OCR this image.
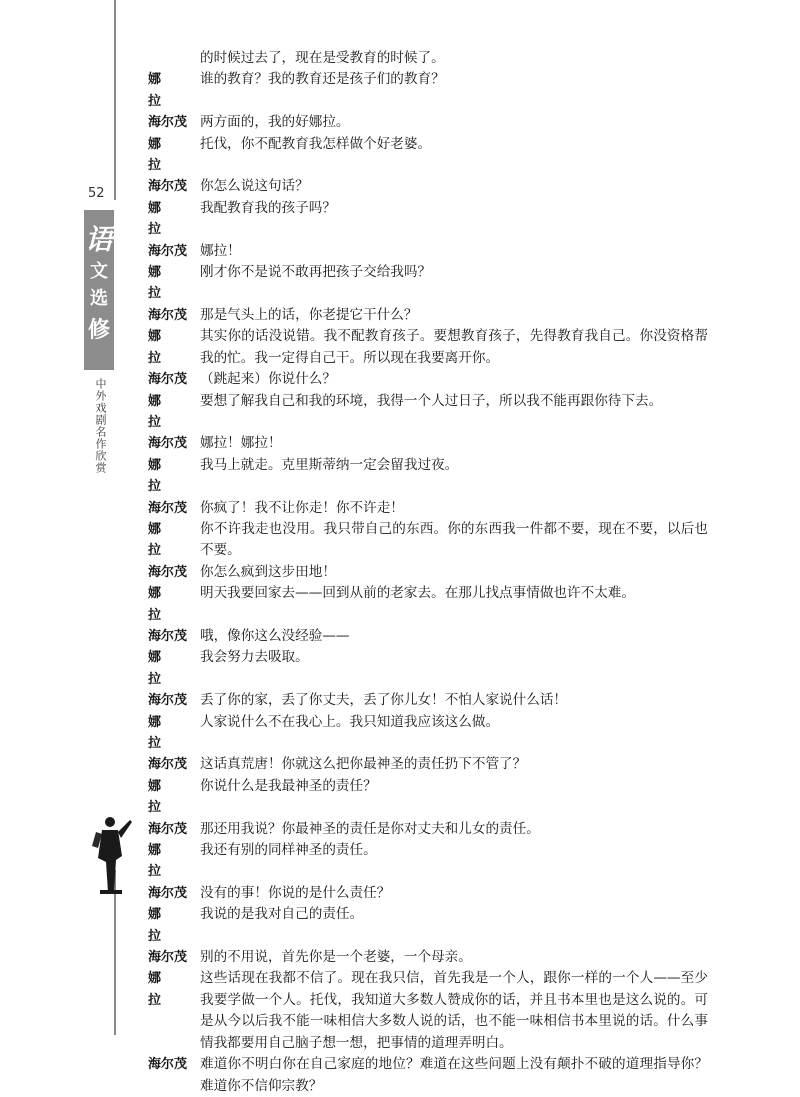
52
语
文
选
修
中外戏剧名作欣赏
的时候过去了，现在是受教育的时候了。
娜拉
谁的教育？我的教育还是孩子们的教育？
海尔茂 两方面的，我的好娜拉。
娜拉
托伐，你不配教育我怎样做个好老婆。
海尔茂 你怎么说这句话？
娜拉
我配教育我的孩子吗？
海尔茂 娜拉！
娜拉
刚才你不是说不敢再把孩子交给我吗？
海尔茂 那是气头上的话，你老提它干什么？
娜拉
其实你的话没说错。我不配教育孩子。要想教育孩子，先得教育我自己。你没资格帮我的忙。我一定得自己干。所以现在我要离开你。
海尔茂 （跳起来）你说什么？
娜拉
要想了解我自己和我的环境，我得一个人过日子，所以我不能再跟你待下去。
海尔茂 娜拉！娜拉！
娜拉
我马上就走。克里斯蒂纳一定会留我过夜。
海尔茂 你疯了！我不让你走！你不许走！
娜拉
你不许我走也没用。我只带自己的东西。你的东西我一件都不要，现在不要，以后也不要。
海尔茂 你怎么疯到这步田地！
娜拉
明天我要回家去——回到从前的老家去。在那儿找点事情做也许不太难。
海尔茂 哦，像你这么没经验——
娜拉
我会努力去吸取。
海尔茂 丢了你的家，丢了你丈夫，丢了你儿女！不怕人家说什么话！
娜拉
人家说什么不在我心上。我只知道我应该这么做。
海尔茂 这话真荒唐！你就这么把你最神圣的责任扔下不管了？
娜拉
你说什么是我最神圣的责任？
海尔茂 那还用我说？你最神圣的责任是你对丈夫和儿女的责任。
娜拉
我还有别的同样神圣的责任。
海尔茂 没有的事！你说的是什么责任？
娜拉
我说的是我对自己的责任。
海尔茂 别的不用说，首先你是一个老婆，一个母亲。
娜拉
这些话现在我都不信了。现在我只信，首先我是一个人，跟你一样的一个人——至少我要学做一个人。托伐，我知道大多数人赞成你的话，并且书本里也是这么说的。可是从今以后我不能一味相信大多数人说的话，也不能一味相信书本里说的话。什么事情我都要用自己脑子想一想，把事情的道理弄明白。
海尔茂 难道你不明白你在自己家庭的地位？难道在这些问题上没有颠扑不破的道理指导你？难道你不信仰宗教？
